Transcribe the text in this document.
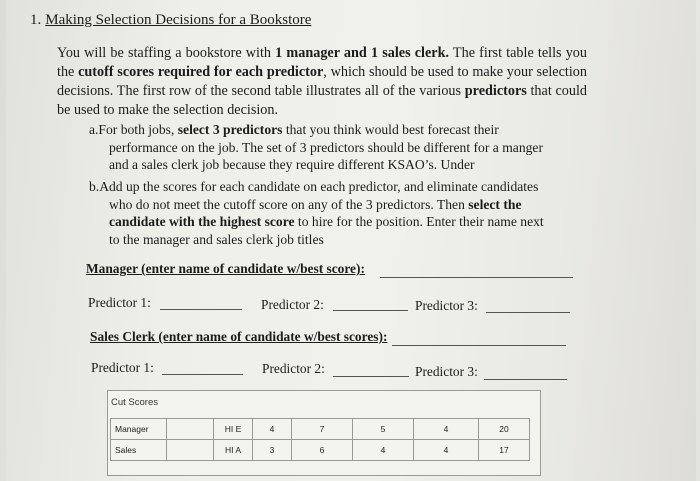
1. Making Selection Decisions for a Bookstore
You will be staffing a bookstore with 1 manager and 1 sales clerk. The first table tells you the cutoff scores required for each predictor, which should be used to make your selection decisions. The first row of the second table illustrates all of the various predictors that could be used to make the selection decision.
a.For both jobs, select 3 predictors that you think would best forecast their
performance on the job. The set of 3 predictors should be different for a manger
and a sales clerk job because they require different KSAO’s. Under
b.Add up the scores for each candidate on each predictor, and eliminate candidates
who do not meet the cutoff score on any of the 3 predictors. Then select the
candidate with the highest score to hire for the position. Enter their name next
to the manager and sales clerk job titles
Manager (enter name of candidate w/best score):
Predictor 1:	Predictor 2:	Predictor 3:
Sales Clerk (enter name of candidate w/best scores):
Predictor 1:	Predictor 2:	Predictor 3:
Cut Scores
Manager		HI E	4	7	5	4	20
Sales		HI A	3	6	4	4	17
